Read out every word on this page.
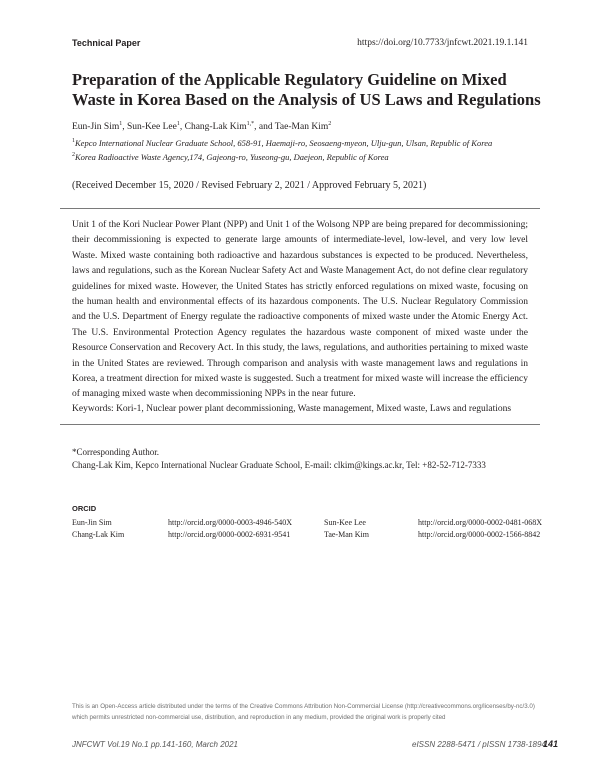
Technical Paper	https://doi.org/10.7733/jnfcwt.2021.19.1.141
Preparation of the Applicable Regulatory Guideline on Mixed Waste in Korea Based on the Analysis of US Laws and Regulations
Eun-Jin Sim$^1$, Sun-Kee Lee$^1$, Chang-Lak Kim$^{1,*}$, and Tae-Man Kim$^2$
$^1$Kepco International Nuclear Graduate School, 658-91, Haemaji-ro, Seosaeng-myeon, Ulju-gun, Ulsan, Republic of Korea
$^2$Korea Radioactive Waste Agency,174, Gajeong-ro, Yuseong-gu, Daejeon, Republic of Korea
(Received December 15, 2020 / Revised February 2, 2021 / Approved February 5, 2021)
Unit 1 of the Kori Nuclear Power Plant (NPP) and Unit 1 of the Wolsong NPP are being prepared for decommissioning; their decommissioning is expected to generate large amounts of intermediate-level, low-level, and very low level Waste. Mixed waste containing both radioactive and hazardous substances is expected to be produced. Nevertheless, laws and regulations, such as the Korean Nuclear Safety Act and Waste Management Act, do not define clear regulatory guidelines for mixed waste. However, the United States has strictly enforced regulations on mixed waste, focusing on the human health and environmental effects of its hazardous components. The U.S. Nuclear Regulatory Commission and the U.S. Department of Energy regulate the radioactive components of mixed waste under the Atomic Energy Act. The U.S. Environmental Protection Agency regulates the hazardous waste component of mixed waste under the Resource Conservation and Recovery Act. In this study, the laws, regulations, and authorities pertaining to mixed waste in the United States are reviewed. Through comparison and analysis with waste management laws and regulations in Korea, a treatment direction for mixed waste is suggested. Such a treatment for mixed waste will increase the efficiency of managing mixed waste when decommissioning NPPs in the near future.
Keywords: Kori-1, Nuclear power plant decommissioning, Waste management, Mixed waste, Laws and regulations
*Corresponding Author.
Chang-Lak Kim, Kepco International Nuclear Graduate School, E-mail: clkim@kings.ac.kr, Tel: +82-52-712-7333
ORCID
Eun-Jin Sim	http://orcid.org/0000-0003-4946-540X	Sun-Kee Lee	http://orcid.org/0000-0002-0481-068X
Chang-Lak Kim	http://orcid.org/0000-0002-6931-9541	Tae-Man Kim	http://orcid.org/0000-0002-1566-8842
This is an Open-Access article distributed under the terms of the Creative Commons Attribution Non-Commercial License (http://creativecommons.org/licenses/by-nc/3.0) which permits unrestricted non-commercial use, distribution, and reproduction in any medium, provided the original work is properly cited
JNFCWT Vol.19 No.1 pp.141-160, March 2021	eISSN 2288-5471 / pISSN 1738-1894
141
